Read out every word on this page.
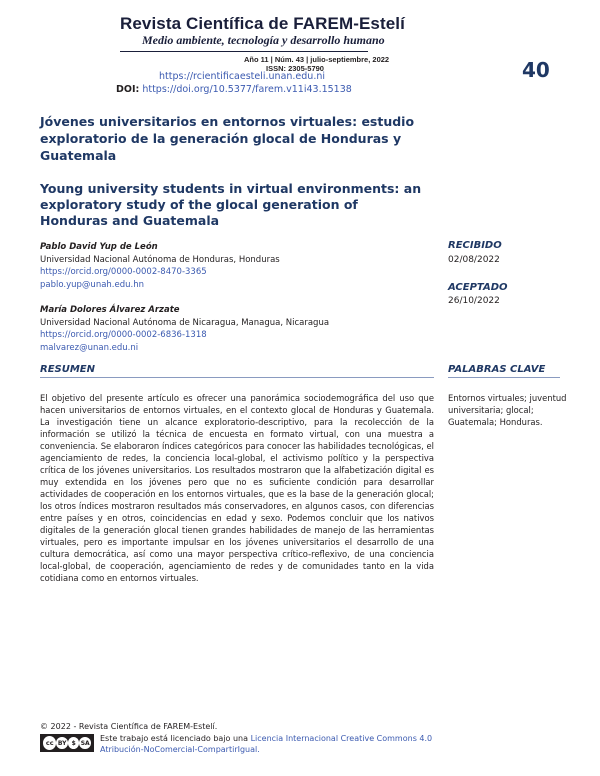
Revista Científica de FAREM-Estelí
Medio ambiente, tecnología y desarrollo humano
Año 11 | Núm. 43 | julio-septiembre, 2022
ISSN: 2305-5790
https://rcientificaesteli.unan.edu.ni
DOI: https://doi.org/10.5377/farem.v11i43.15138
40
Jóvenes universitarios en entornos virtuales: estudio exploratorio de la generación glocal de Honduras y Guatemala
Young university students in virtual environments: an exploratory study of the glocal generation of Honduras and Guatemala
Pablo David Yup de León
Universidad Nacional Autónoma de Honduras, Honduras
https://orcid.org/0000-0002-8470-3365
pablo.yup@unah.edu.hn
María Dolores Álvarez Arzate
Universidad Nacional Autónoma de Nicaragua, Managua, Nicaragua
https://orcid.org/0000-0002-6836-1318
malvarez@unan.edu.ni
RECIBIDO
02/08/2022
ACEPTADO
26/10/2022
RESUMEN	PALABRAS CLAVE
El objetivo del presente artículo es ofrecer una panorámica sociodemográfica del uso que hacen universitarios de entornos virtuales, en el contexto glocal de Honduras y Guatemala. La investigación tiene un alcance exploratorio-descriptivo, para la recolección de la información se utilizó la técnica de encuesta en formato virtual, con una muestra a conveniencia. Se elaboraron índices categóricos para conocer las habilidades tecnológicas, el agenciamiento de redes, la conciencia local-global, el activismo político y la perspectiva crítica de los jóvenes universitarios. Los resultados mostraron que la alfabetización digital es muy extendida en los jóvenes pero que no es suficiente condición para desarrollar actividades de cooperación en los entornos virtuales, que es la base de la generación glocal; los otros índices mostraron resultados más conservadores, en algunos casos, con diferencias entre países y en otros, coincidencias en edad y sexo. Podemos concluir que los nativos digitales de la generación glocal tienen grandes habilidades de manejo de las herramientas virtuales, pero es importante impulsar en los jóvenes universitarios el desarrollo de una cultura democrática, así como una mayor perspectiva crítico-reflexivo, de una conciencia local-global, de cooperación, agenciamiento de redes y de comunidades tanto en la vida cotidiana como en entornos virtuales.
Entornos virtuales; juventud universitaria; glocal; Guatemala; Honduras.
© 2022 - Revista Científica de FAREM-Estelí.
cc BY $ SA Este trabajo está licenciado bajo una Licencia Internacional Creative Commons 4.0 Atribución-NoComercial-CompartirIgual.
